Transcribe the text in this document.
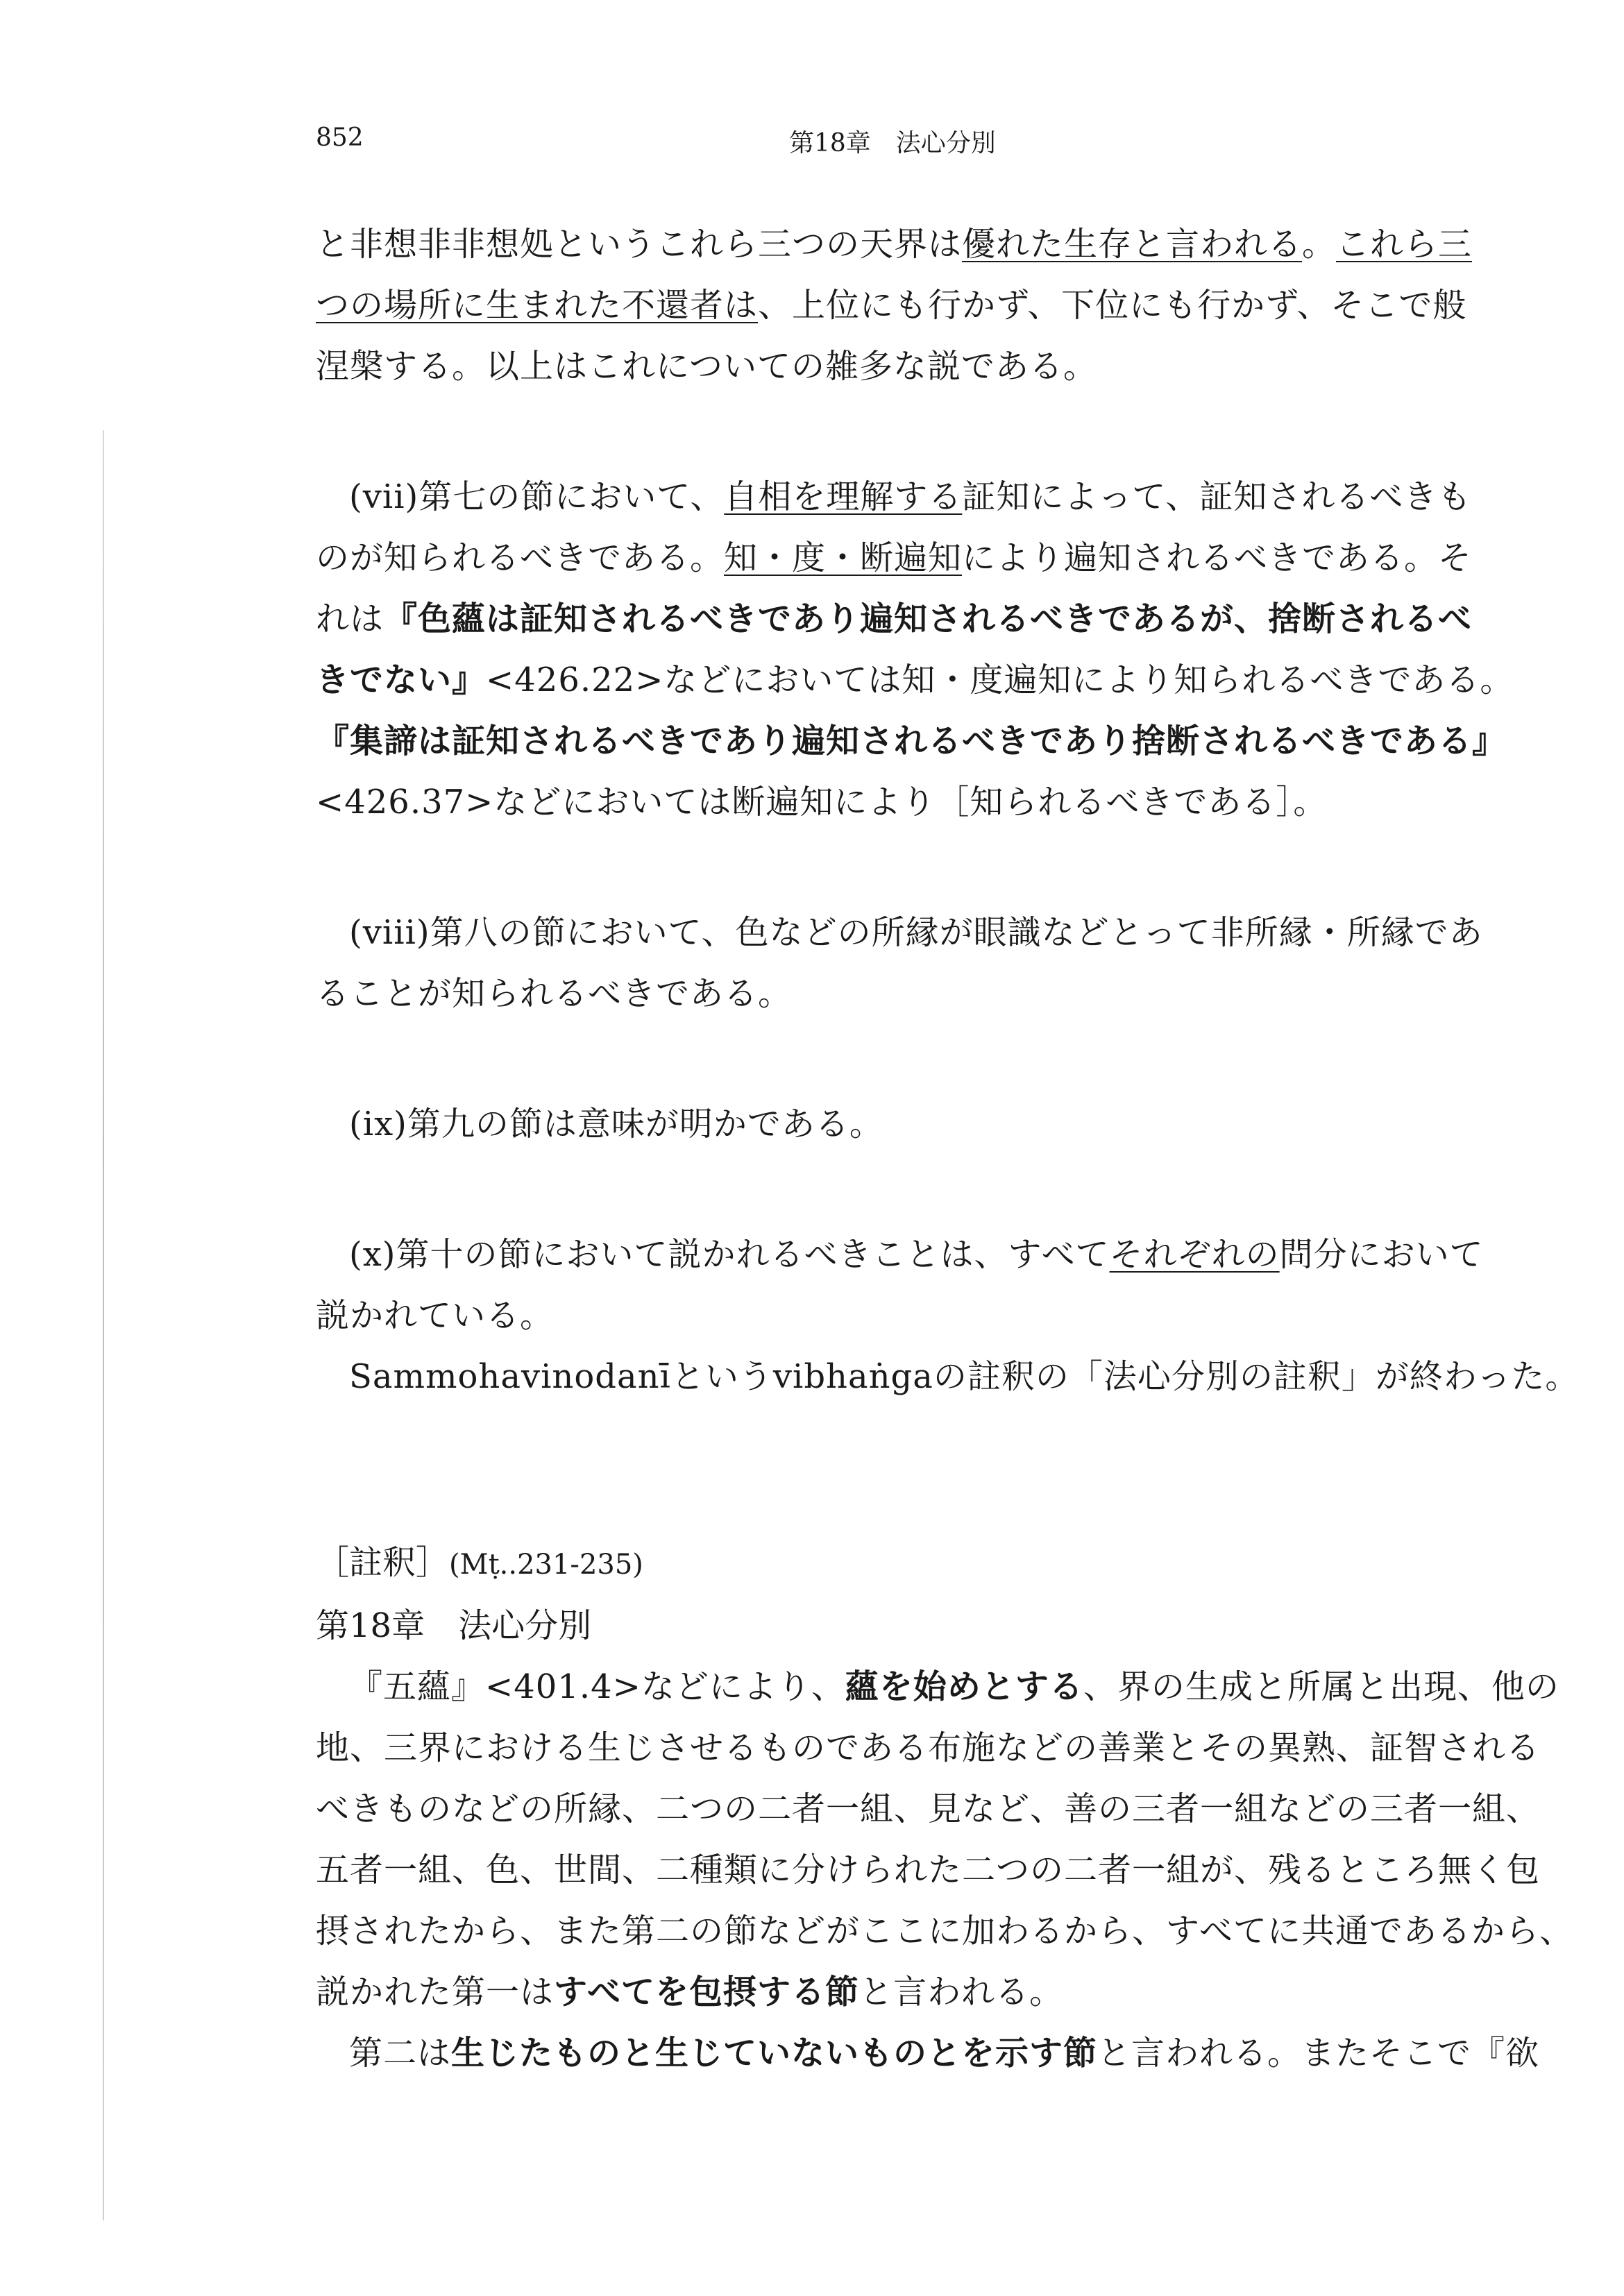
852	第18章　法心分別

と非想非非想処というこれら三つの天界は優れた生存と言われる。これら三
つの場所に生まれた不還者は、上位にも行かず、下位にも行かず、そこで般
涅槃する。以上はこれについての雑多な説である。

(vii)第七の節において、自相を理解する証知によって、証知されるべきも
のが知られるべきである。知・度・断遍知により遍知されるべきである。そ
れは『色蘊は証知されるべきであり遍知されるべきであるが、捨断されるべ
きでない』<426.22>などにおいては知・度遍知により知られるべきである。
『集諦は証知されるべきであり遍知されるべきであり捨断されるべきである』
<426.37>などにおいては断遍知により［知られるべきである］。

(viii)第八の節において、色などの所縁が眼識などとって非所縁・所縁であ
ることが知られるべきである。

(ix)第九の節は意味が明かである。

(x)第十の節において説かれるべきことは、すべてそれぞれの問分において
説かれている。
Sammohavinodanīというvibhaṅgaの註釈の「法心分別の註釈」が終わった。

［註釈］(Mṭ..231-235)
第18章　法心分別

『五蘊』<401.4>などにより、蘊を始めとする、界の生成と所属と出現、他の
地、三界における生じさせるものである布施などの善業とその異熟、証智される
べきものなどの所縁、二つの二者一組、見など、善の三者一組などの三者一組、
五者一組、色、世間、二種類に分けられた二つの二者一組が、残るところ無く包
摂されたから、また第二の節などがここに加わるから、すべてに共通であるから、
説かれた第一はすべてを包摂する節と言われる。

第二は生じたものと生じていないものとを示す節と言われる。またそこで『欲
